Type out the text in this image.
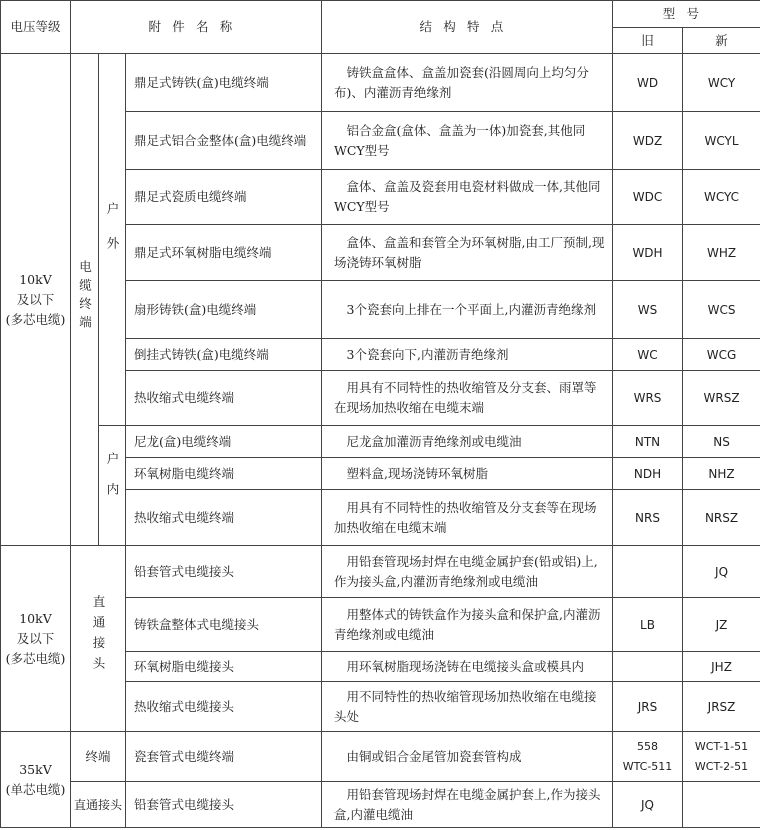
电压等级	附件名称			结构特点	型号	
					旧	新

10kV
及以下
(多芯电缆)	电缆终端	户外	鼎足式铸铁(盒)电缆终端	铸铁盒盒体、盒盖加瓷套(沿圆周向上均匀分布)、内灌沥青绝缘剂	WD	WCY
			鼎足式铝合金整体(盒)电缆终端	铝合金盒(盒体、盒盖为一体)加瓷套,其他同WCY型号	WDZ	WCYL
			鼎足式瓷质电缆终端	盒体、盒盖及瓷套用电瓷材料做成一体,其他同WCY型号	WDC	WCYC
			鼎足式环氧树脂电缆终端	盒体、盒盖和套管全为环氧树脂,由工厂预制,现场浇铸环氧树脂	WDH	WHZ
			扇形铸铁(盒)电缆终端	3个瓷套向上排在一个平面上,内灌沥青绝缘剂	WS	WCS
			倒挂式铸铁(盒)电缆终端	3个瓷套向下,内灌沥青绝缘剂	WC	WCG
			热收缩式电缆终端	用具有不同特性的热收缩管及分支套、雨罩等在现场加热收缩在电缆末端	WRS	WRSZ
		户内	尼龙(盒)电缆终端	尼龙盒加灌沥青绝缘剂或电缆油	NTN	NS
			环氧树脂电缆终端	塑料盒,现场浇铸环氧树脂	NDH	NHZ
			热收缩式电缆终端	用具有不同特性的热收缩管及分支套等在现场加热收缩在电缆末端	NRS	NRSZ

10kV
及以下
(多芯电缆)	直通接头		铅套管式电缆接头	用铅套管现场封焊在电缆金属护套(铅或铝)上,作为接头盒,内灌沥青绝缘剂或电缆油		JQ
			铸铁盒整体式电缆接头	用整体式的铸铁盒作为接头盒和保护盒,内灌沥青绝缘剂或电缆油	LB	JZ
			环氧树脂电缆接头	用环氧树脂现场浇铸在电缆接头盒或模具内		JHZ
			热收缩式电缆接头	用不同特性的热收缩管现场加热收缩在电缆接头处	JRS	JRSZ

35kV
(单芯电缆)	终端		瓷套管式电缆终端	由铜或铝合金尾管加瓷套管构成	558
WTC-511	WCT-1-51
WCT-2-51

	直通接头		铅套管式电缆接头	用铅套管现场封焊在电缆金属护套上,作为接头盒,内灌电缆油	JQ	
